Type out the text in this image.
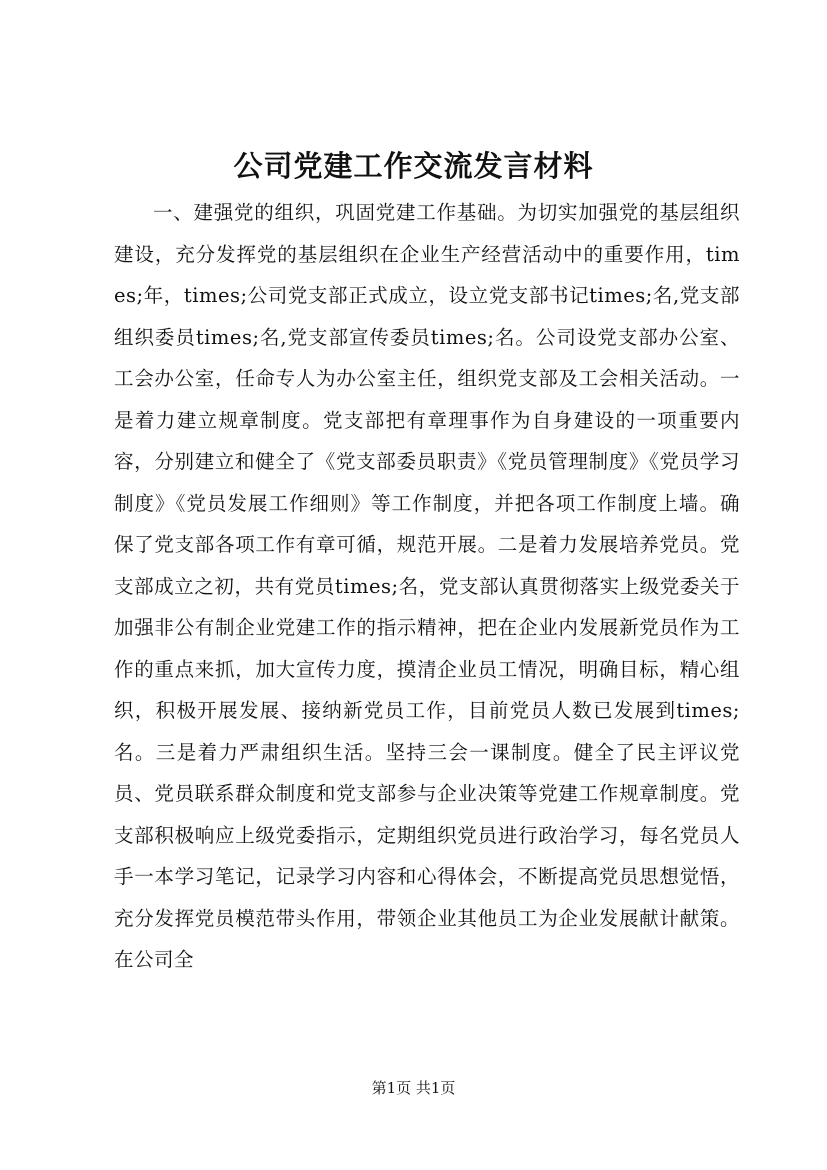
公司党建工作交流发言材料

一、建强党的组织，巩固党建工作基础。为切实加强党的基层组织建设，充分发挥党的基层组织在企业生产经营活动中的重要作用，times;年，times;公司党支部正式成立，设立党支部书记times;名,党支部组织委员times;名,党支部宣传委员times;名。公司设党支部办公室、工会办公室，任命专人为办公室主任，组织党支部及工会相关活动。一是着力建立规章制度。党支部把有章理事作为自身建设的一项重要内容，分别建立和健全了《党支部委员职责》《党员管理制度》《党员学习制度》《党员发展工作细则》等工作制度，并把各项工作制度上墙。确保了党支部各项工作有章可循，规范开展。二是着力发展培养党员。党支部成立之初，共有党员times;名，党支部认真贯彻落实上级党委关于加强非公有制企业党建工作的指示精神，把在企业内发展新党员作为工作的重点来抓，加大宣传力度，摸清企业员工情况，明确目标，精心组织，积极开展发展、接纳新党员工作，目前党员人数已发展到times;名。三是着力严肃组织生活。坚持三会一课制度。健全了民主评议党员、党员联系群众制度和党支部参与企业决策等党建工作规章制度。党支部积极响应上级党委指示，定期组织党员进行政治学习，每名党员人手一本学习笔记，记录学习内容和心得体会，不断提高党员思想觉悟，充分发挥党员模范带头作用，带领企业其他员工为企业发展献计献策。在公司全

第1页 共1页
